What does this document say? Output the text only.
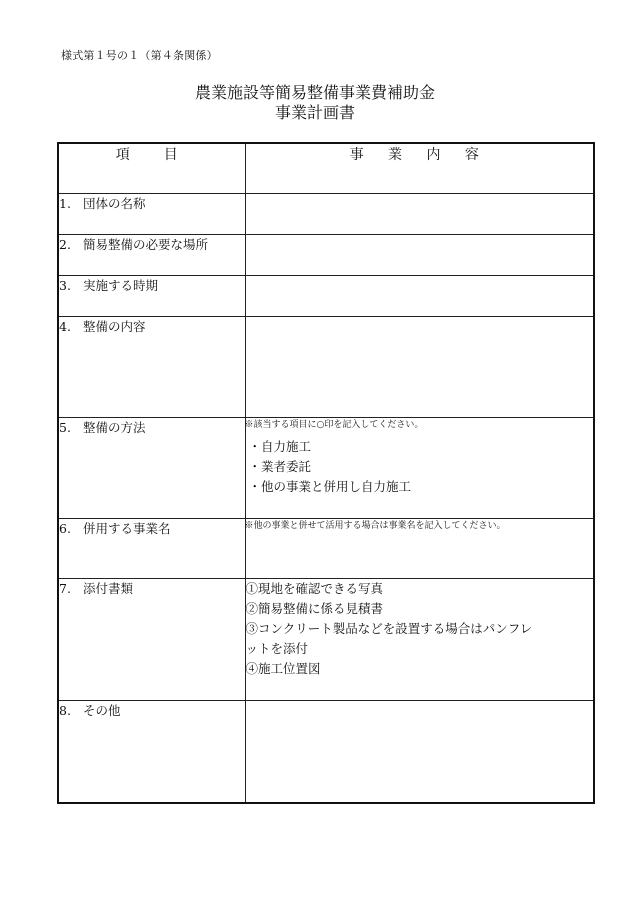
様式第１号の１（第４条関係）
農業施設等簡易整備事業費補助金
事業計画書
項　目	事 業 内 容
1. 団体の名称	
2. 簡易整備の必要な場所	
3. 実施する時期	
4. 整備の内容	
5. 整備の方法	※該当する項目に○印を記入してください。
・自力施工
・業者委託
・他の事業と併用し自力施工

6. 併用する事業名	※他の事業と併せて活用する場合は事業名を記入してください。

7. 添付書類	①現地を確認できる写真
②簡易整備に係る見積書
③コンクリート製品などを設置する場合はパンフレ
ットを添付
④施工位置図

8. その他	
